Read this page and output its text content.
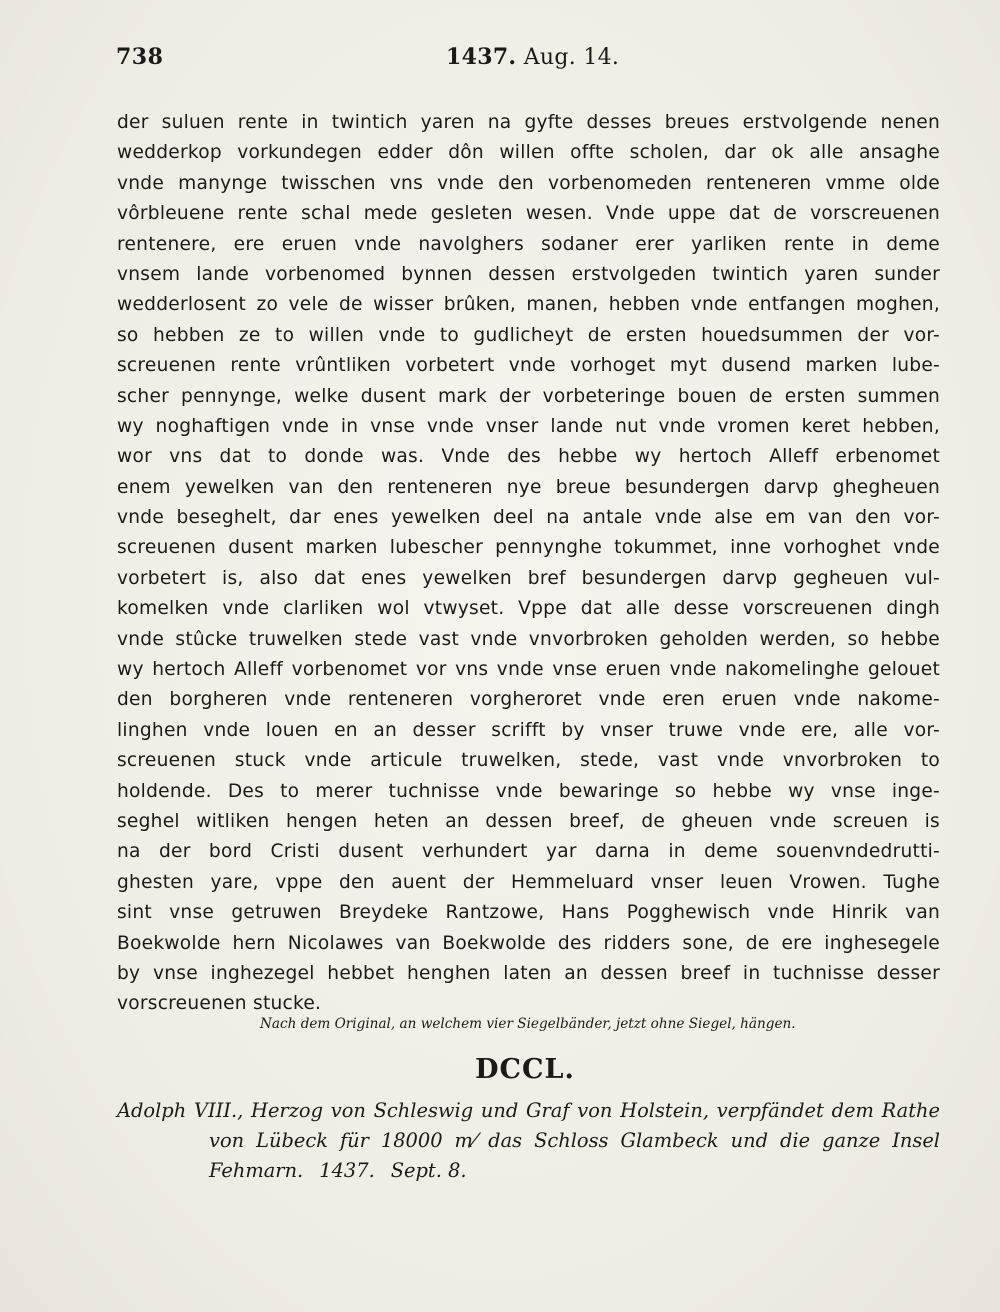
738	1437. Aug. 14.
der suluen rente in twintich yaren na gyfte desses breues erstvolgende nenen
wedderkop vorkundegen edder dôn willen offte scholen, dar ok alle ansaghe
vnde manynge twisschen vns vnde den vorbenomeden renteneren vmme olde
vôrbleuene rente schal mede gesleten wesen. Vnde uppe dat de vorscreuenen
rentenere, ere eruen vnde navolghers sodaner erer yarliken rente in deme
vnsem lande vorbenomed bynnen dessen erstvolgeden twintich yaren sunder
wedderlosent zo vele de wisser brûken, manen, hebben vnde entfangen moghen,
so hebben ze to willen vnde to gudlicheyt de ersten houedsummen der vor-
screuenen rente vrûntliken vorbetert vnde vorhoget myt dusend marken lube-
scher pennynge, welke dusent mark der vorbeteringe bouen de ersten summen
wy noghaftigen vnde in vnse vnde vnser lande nut vnde vromen keret hebben,
wor vns dat to donde was. Vnde des hebbe wy hertoch Alleff erbenomet
enem yewelken van den renteneren nye breue besundergen darvp ghegheuen
vnde beseghelt, dar enes yewelken deel na antale vnde alse em van den vor-
screuenen dusent marken lubescher pennynghe tokummet, inne vorhoghet vnde
vorbetert is, also dat enes yewelken bref besundergen darvp gegheuen vul-
komelken vnde clarliken wol vtwyset. Vppe dat alle desse vorscreuenen dingh
vnde stûcke truwelken stede vast vnde vnvorbroken geholden werden, so hebbe
wy hertoch Alleff vorbenomet vor vns vnde vnse eruen vnde nakomelinghe gelouet
den borgheren vnde renteneren vorgheroret vnde eren eruen vnde nakome-
linghen vnde louen en an desser scrifft by vnser truwe vnde ere, alle vor-
screuenen stuck vnde articule truwelken, stede, vast vnde vnvorbroken to
holdende. Des to merer tuchnisse vnde bewaringe so hebbe wy vnse inge-
seghel witliken hengen heten an dessen breef, de gheuen vnde screuen is
na der bord Cristi dusent verhundert yar darna in deme souenvndedrutti-
ghesten yare, vppe den auent der Hemmeluard vnser leuen Vrowen. Tughe
sint vnse getruwen Breydeke Rantzowe, Hans Pogghewisch vnde Hinrik van
Boekwolde hern Nicolawes van Boekwolde des ridders sone, de ere inghesegele
by vnse inghezegel hebbet henghen laten an dessen breef in tuchnisse desser
vorscreuenen stucke.
Nach dem Original, an welchem vier Siegelbänder, jetzt ohne Siegel, hängen.
DCCL.
Adolph VIII., Herzog von Schleswig und Graf von Holstein, verpfändet dem Rathe
von Lübeck für 18000 m⁄ das Schloss Glambeck und die ganze Insel
Fehmarn. 1437. Sept. 8.
